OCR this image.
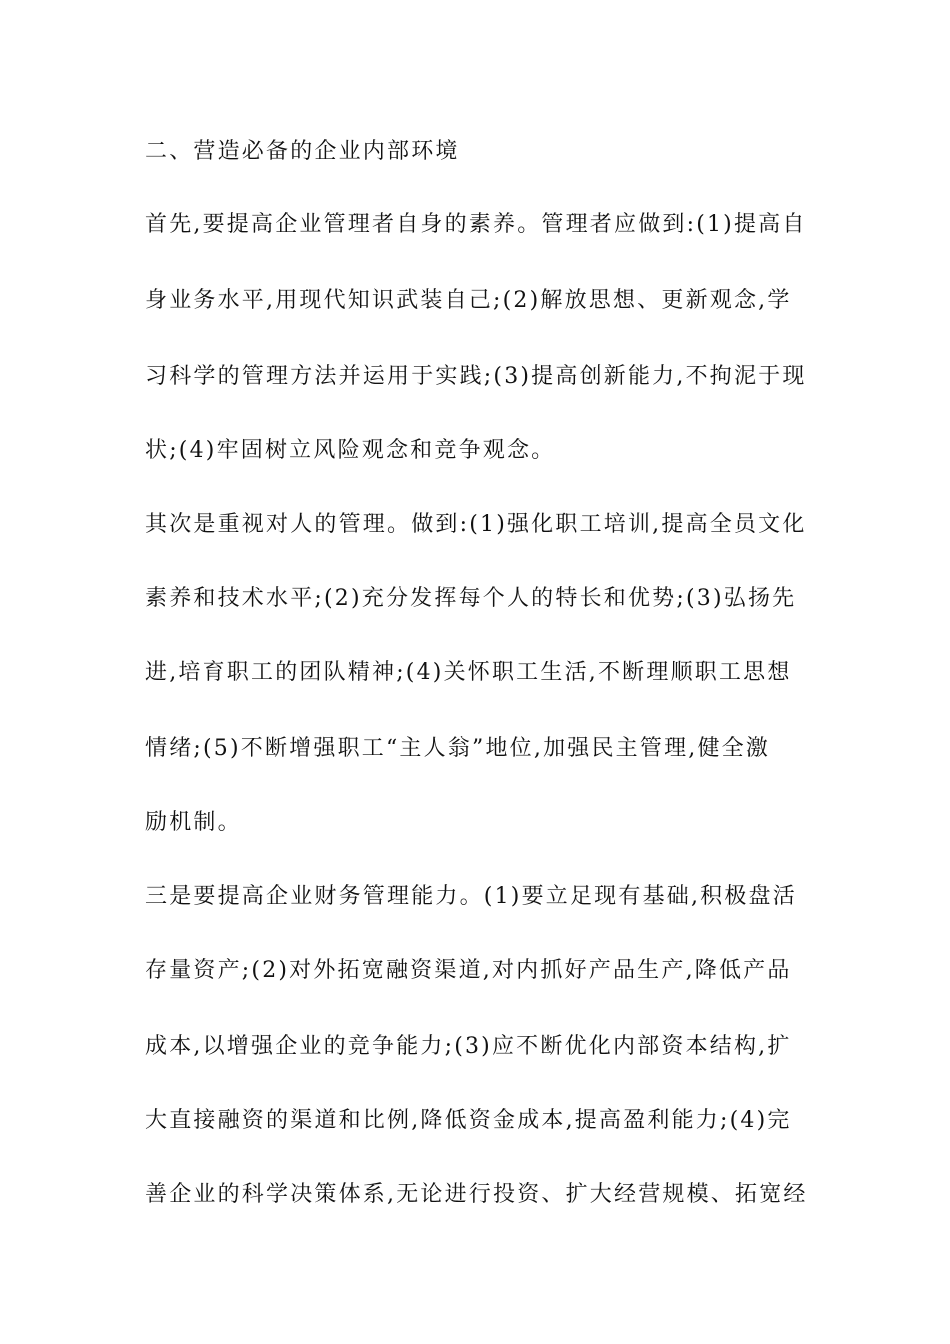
二、营造必备的企业内部环境
首先,要提高企业管理者自身的素养。管理者应做到:(1)提高自
身业务水平,用现代知识武装自己;(2)解放思想、更新观念,学
习科学的管理方法并运用于实践;(3)提高创新能力,不拘泥于现
状;(4)牢固树立风险观念和竞争观念。
其次是重视对人的管理。做到:(1)强化职工培训,提高全员文化
素养和技术水平;(2)充分发挥每个人的特长和优势;(3)弘扬先
进,培育职工的团队精神;(4)关怀职工生活,不断理顺职工思想
情绪;(5)不断增强职工“主人翁”地位,加强民主管理,健全激
励机制。
三是要提高企业财务管理能力。(1)要立足现有基础,积极盘活
存量资产;(2)对外拓宽融资渠道,对内抓好产品生产,降低产品
成本,以增强企业的竞争能力;(3)应不断优化内部资本结构,扩
大直接融资的渠道和比例,降低资金成本,提高盈利能力;(4)完
善企业的科学决策体系,无论进行投资、扩大经营规模、拓宽经
